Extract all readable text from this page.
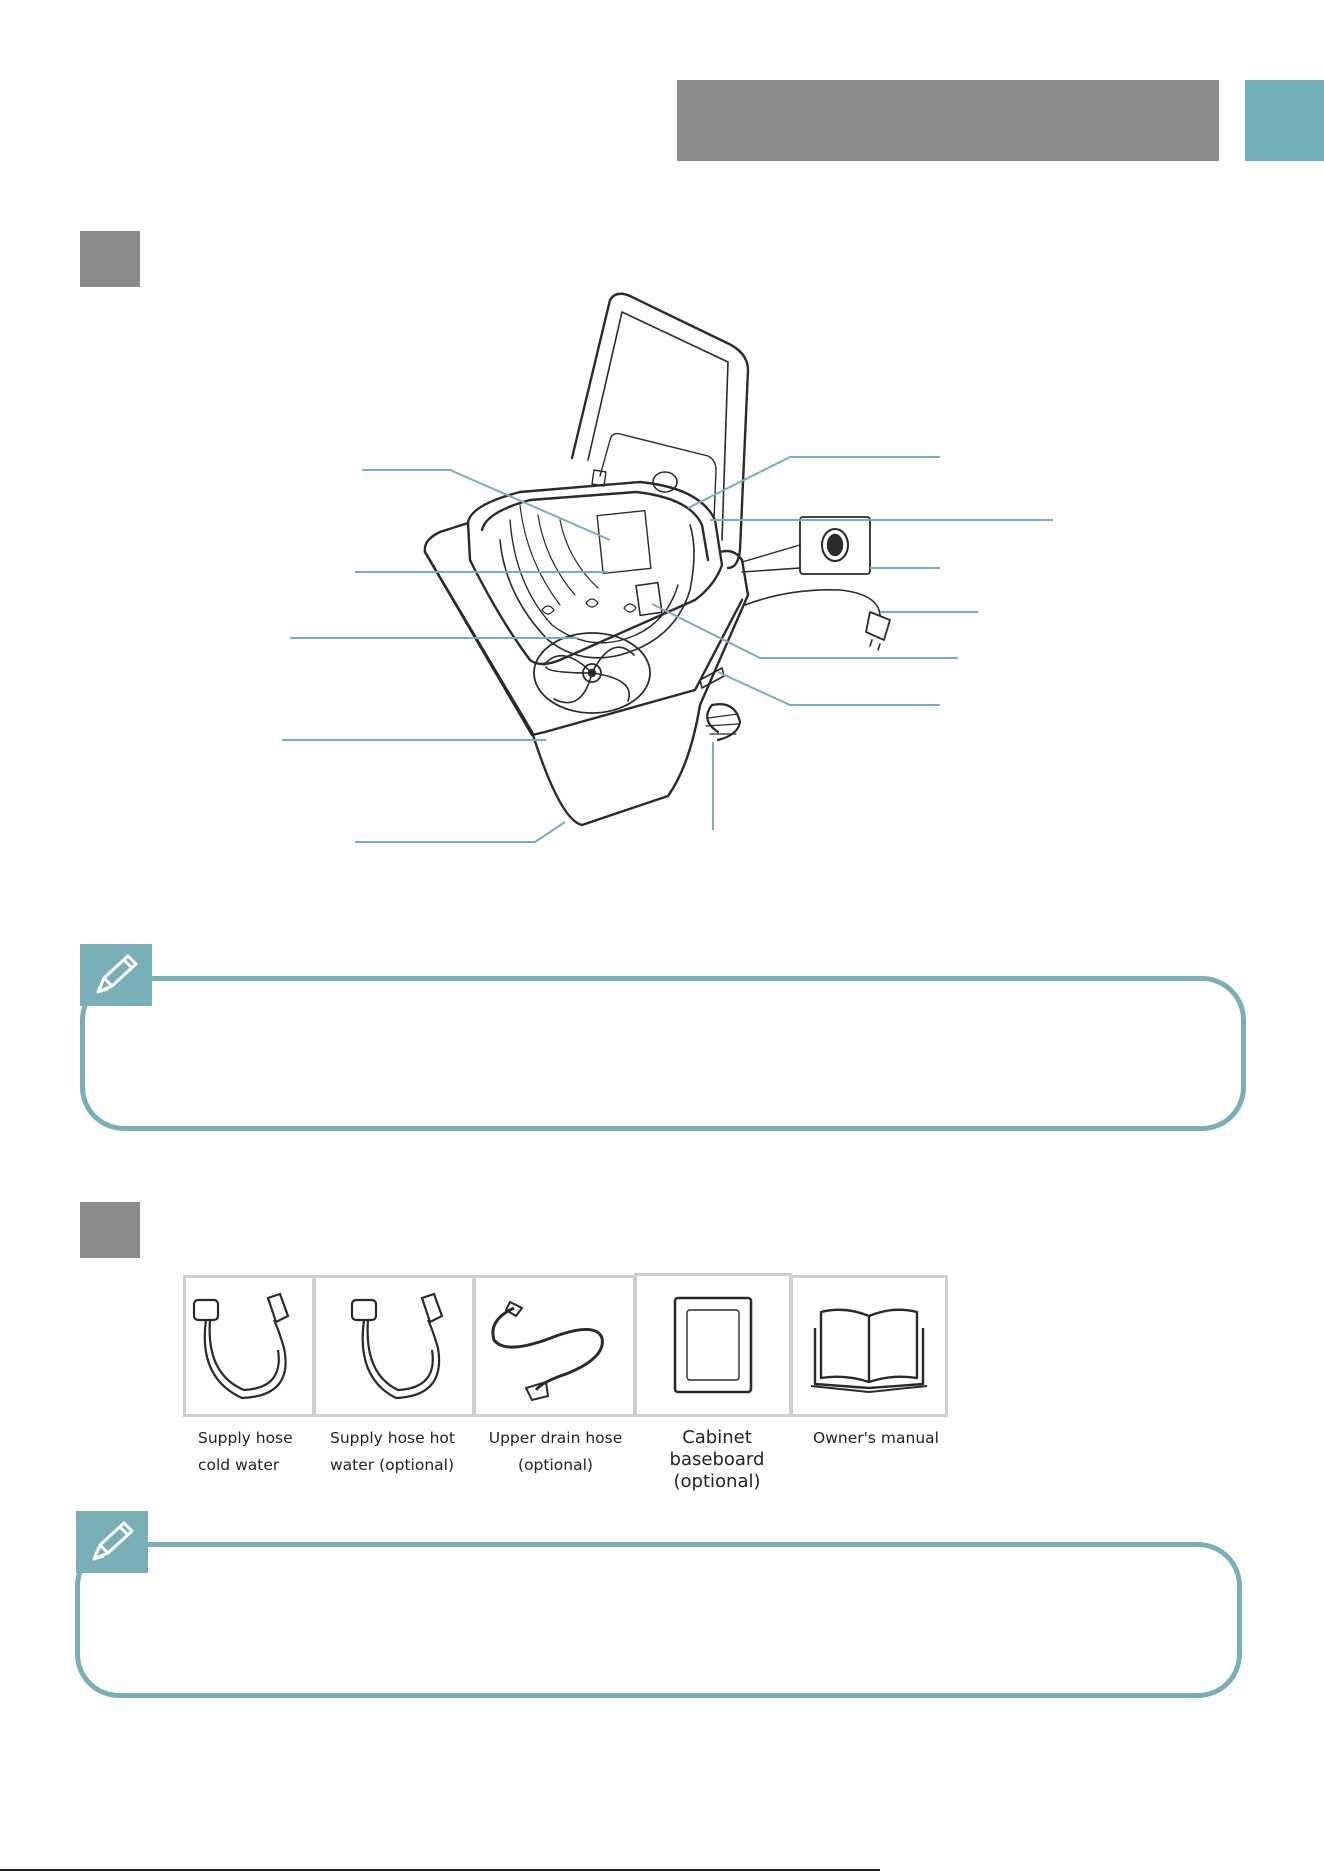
Supply hose
cold water
Supply hose hot
water (optional)
Upper drain hose
(optional)
Cabinet baseboard
(optional)
Owner's manual
